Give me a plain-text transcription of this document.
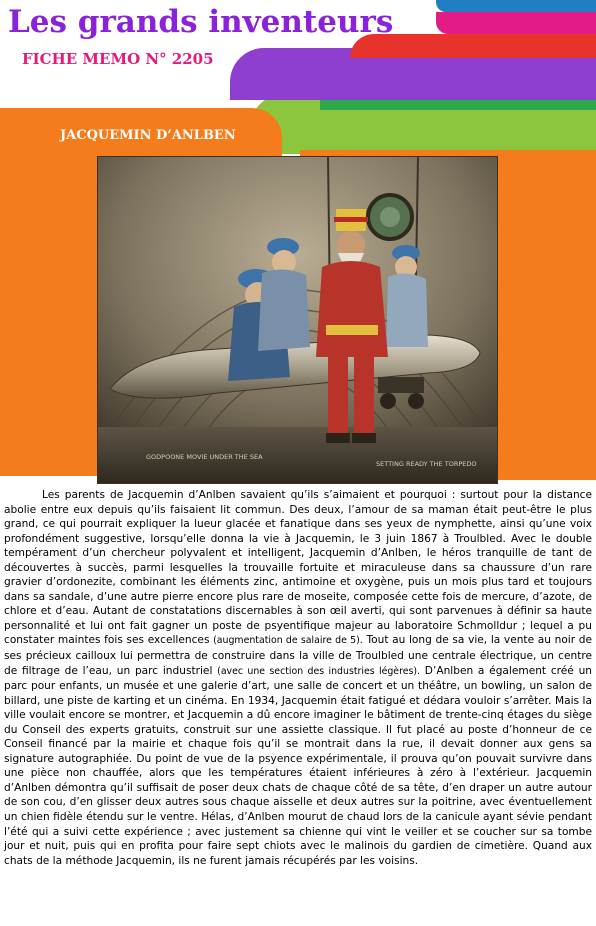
Les grands inventeurs
FICHE MEMO N° 2205
JACQUEMIN D’ANLBEN
GODPOONE MOVIE UNDER THE SEA
SETTING READY THE TORPEDO

Les parents de Jacquemin d’Anlben savaient qu’ils s’aimaient et pourquoi : surtout pour la distance abolie entre eux depuis qu’ils faisaient lit commun. Des deux, l’amour de sa maman était peut-être le plus grand, ce qui pourrait expliquer la lueur glacée et fanatique dans ses yeux de nymphette, ainsi qu’une voix profondément suggestive, lorsqu’elle donna la vie à Jacquemin, le 3 juin 1867 à Troulbled. Avec le double tempérament d’un chercheur polyvalent et intelligent, Jacquemin d’Anlben, le héros tranquille de tant de découvertes à succès, parmi lesquelles la trouvaille fortuite et miraculeuse dans sa chaussure d’un rare gravier d’ordonezite, combinant les éléments zinc, antimoine et oxygène, puis un mois plus tard et toujours dans sa sandale, d’une autre pierre encore plus rare de moseite, composée cette fois de mercure, d’azote, de chlore et d’eau. Autant de constatations discernables à son œil averti, qui sont parvenues à définir sa haute personnalité et lui ont fait gagner un poste de psyentifique majeur au laboratoire Schmolldur ; lequel a pu constater maintes fois ses excellences (augmentation de salaire de 5). Tout au long de sa vie, la vente au noir de ses précieux cailloux lui permettra de construire dans la ville de Troulbled une centrale électrique, un centre de filtrage de l’eau, un parc industriel (avec une section des industries légères). D’Anlben a également créé un parc pour enfants, un musée et une galerie d’art, une salle de concert et un théâtre, un bowling, un salon de billard, une piste de karting et un cinéma. En 1934, Jacquemin était fatigué et dédara vouloir s’arrêter. Mais la ville voulait encore se montrer, et Jacquemin a dû encore imaginer le bâtiment de trente-cinq étages du siège du Conseil des experts gratuits, construit sur une assiette classique. Il fut placé au poste d’honneur de ce Conseil financé par la mairie et chaque fois qu’il se montrait dans la rue, il devait donner aux gens sa signature autographiée. Du point de vue de la psyence expérimentale, il prouva qu’on pouvait survivre dans une pièce non chauffée, alors que les températures étaient inférieures à zéro à l’extérieur. Jacquemin d’Anlben démontra qu’il suffisait de poser deux chats de chaque côté de sa tête, d’en draper un autre autour de son cou, d’en glisser deux autres sous chaque aisselle et deux autres sur la poitrine, avec éventuellement un chien fidèle étendu sur le ventre. Hélas, d’Anlben mourut de chaud lors de la canicule ayant sévie pendant l’été qui a suivi cette expérience ; avec justement sa chienne qui vint le veiller et se coucher sur sa tombe jour et nuit, puis qui en profita pour faire sept chiots avec le malinois du gardien de cimetière. Quand aux chats de la méthode Jacquemin, ils ne furent jamais récupérés par les voisins.
